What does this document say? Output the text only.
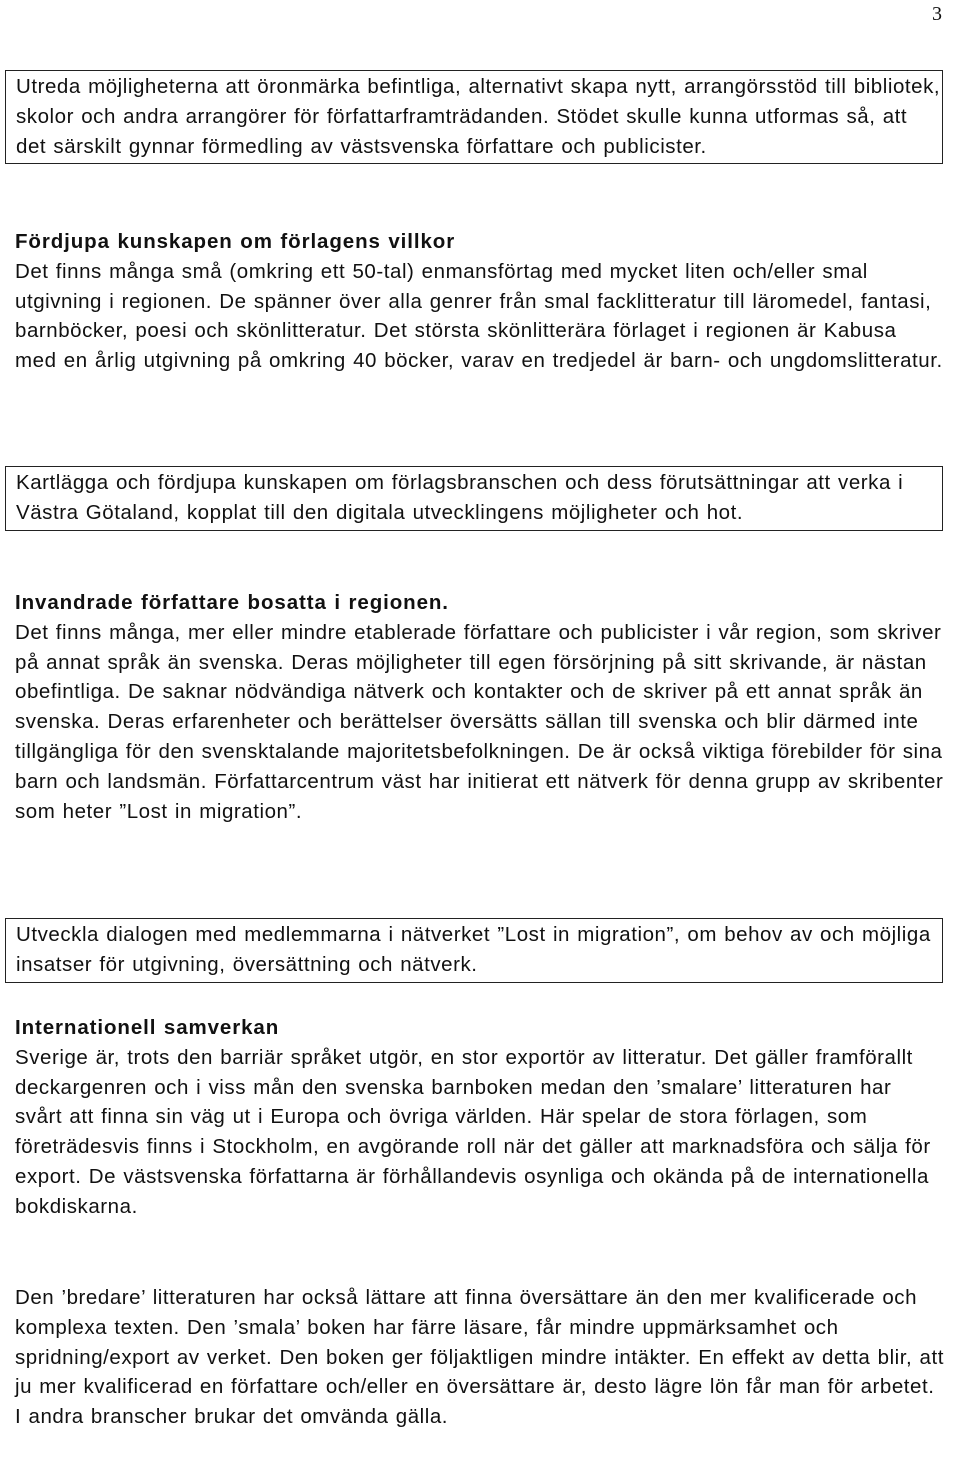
3
Utreda möjligheterna att öronmärka befintliga, alternativt skapa nytt, arrangörsstöd till bibliotek, skolor och andra arrangörer för författarframträdanden. Stödet skulle kunna utformas så, att det särskilt gynnar förmedling av västsvenska författare och publicister.
Fördjupa kunskapen om förlagens villkor
Det finns många små (omkring ett 50-tal) enmansförtag med mycket liten och/eller smal utgivning i regionen. De spänner över alla genrer från smal facklitteratur till läromedel, fantasi, barnböcker, poesi och skönlitteratur. Det största skönlitterära förlaget i regionen är Kabusa med en årlig utgivning på omkring 40 böcker, varav en tredjedel är barn- och ungdomslitteratur.
Kartlägga och fördjupa kunskapen om förlagsbranschen och dess förutsättningar att verka i Västra Götaland, kopplat till den digitala utvecklingens möjligheter och hot.
Invandrade författare bosatta i regionen.
Det finns många, mer eller mindre etablerade författare och publicister i vår region, som skriver på annat språk än svenska. Deras möjligheter till egen försörjning på sitt skrivande, är nästan obefintliga. De saknar nödvändiga nätverk och kontakter och de skriver på ett annat språk än svenska. Deras erfarenheter och berättelser översätts sällan till svenska och blir därmed inte tillgängliga för den svensktalande majoritetsbefolkningen. De är också viktiga förebilder för sina barn och landsmän. Författarcentrum väst har initierat ett nätverk för denna grupp av skribenter som heter ”Lost in migration”.
Utveckla dialogen med medlemmarna i nätverket ”Lost in migration”, om behov av och möjliga insatser för utgivning, översättning och nätverk.
Internationell samverkan
Sverige är, trots den barriär språket utgör, en stor exportör av litteratur. Det gäller framförallt deckargenren och i viss mån den svenska barnboken medan den ’smalare’ litteraturen har svårt att finna sin väg ut i Europa och övriga världen. Här spelar de stora förlagen, som företrädesvis finns i Stockholm, en avgörande roll när det gäller att marknadsföra och sälja för export. De västsvenska författarna är förhållandevis osynliga och okända på de internationella bokdiskarna.
Den ’bredare’ litteraturen har också lättare att finna översättare än den mer kvalificerade och komplexa texten. Den ’smala’ boken har färre läsare, får mindre uppmärksamhet och spridning/export av verket. Den boken ger följaktligen mindre intäkter. En effekt av detta blir, att ju mer kvalificerad en författare och/eller en översättare är, desto lägre lön får man för arbetet. I andra branscher brukar det omvända gälla.
